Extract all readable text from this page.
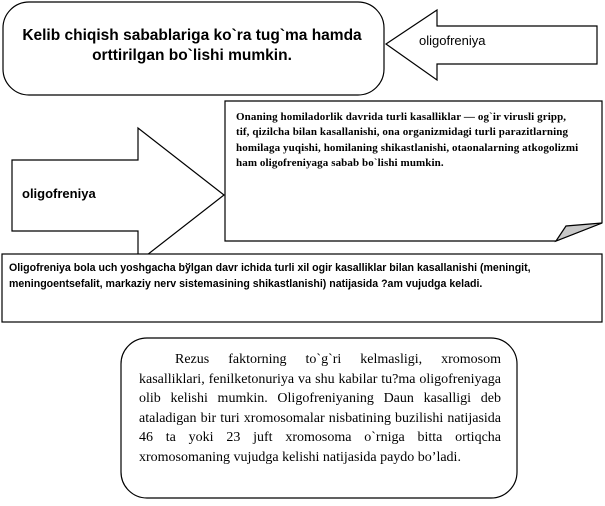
Kelib chiqish sabablariga ko`ra tug`ma hamda orttirilgan bo`lishi mumkin.

oligofreniya

oligofreniya

Onaning homiladorlik davrida turli kasalliklar — og`ir virusli gripp, tif, qizilcha bilan kasallanishi, ona organizmidagi turli parazitlarning homilaga yuqishi, homilaning shikastlanishi, otaonalarning atkogolizmi ham oligofreniyaga sabab bo`lishi mumkin.

Oligofreniya bola uch yoshgacha bўlgan davr ichida turli xil ogir kasalliklar bilan kasallanishi (meningit, meningoentsefalit, markaziy nerv sistemasining shikastlanishi) natijasida ?am vujudga keladi.

Rezus faktorning to`g`ri kelmasligi, xromosom kasalliklari, fenilketonuriya va shu kabilar tu?ma oligofreniyaga olib kelishi mumkin. Oligofreniyaning Daun kasalligi deb ataladigan bir turi xromosomalar nisbatining buzilishi natijasida 46 ta yoki 23 juft xromosoma o`rniga bitta ortiqcha xromosomaning vujudga kelishi natijasida paydo bo’ladi.
